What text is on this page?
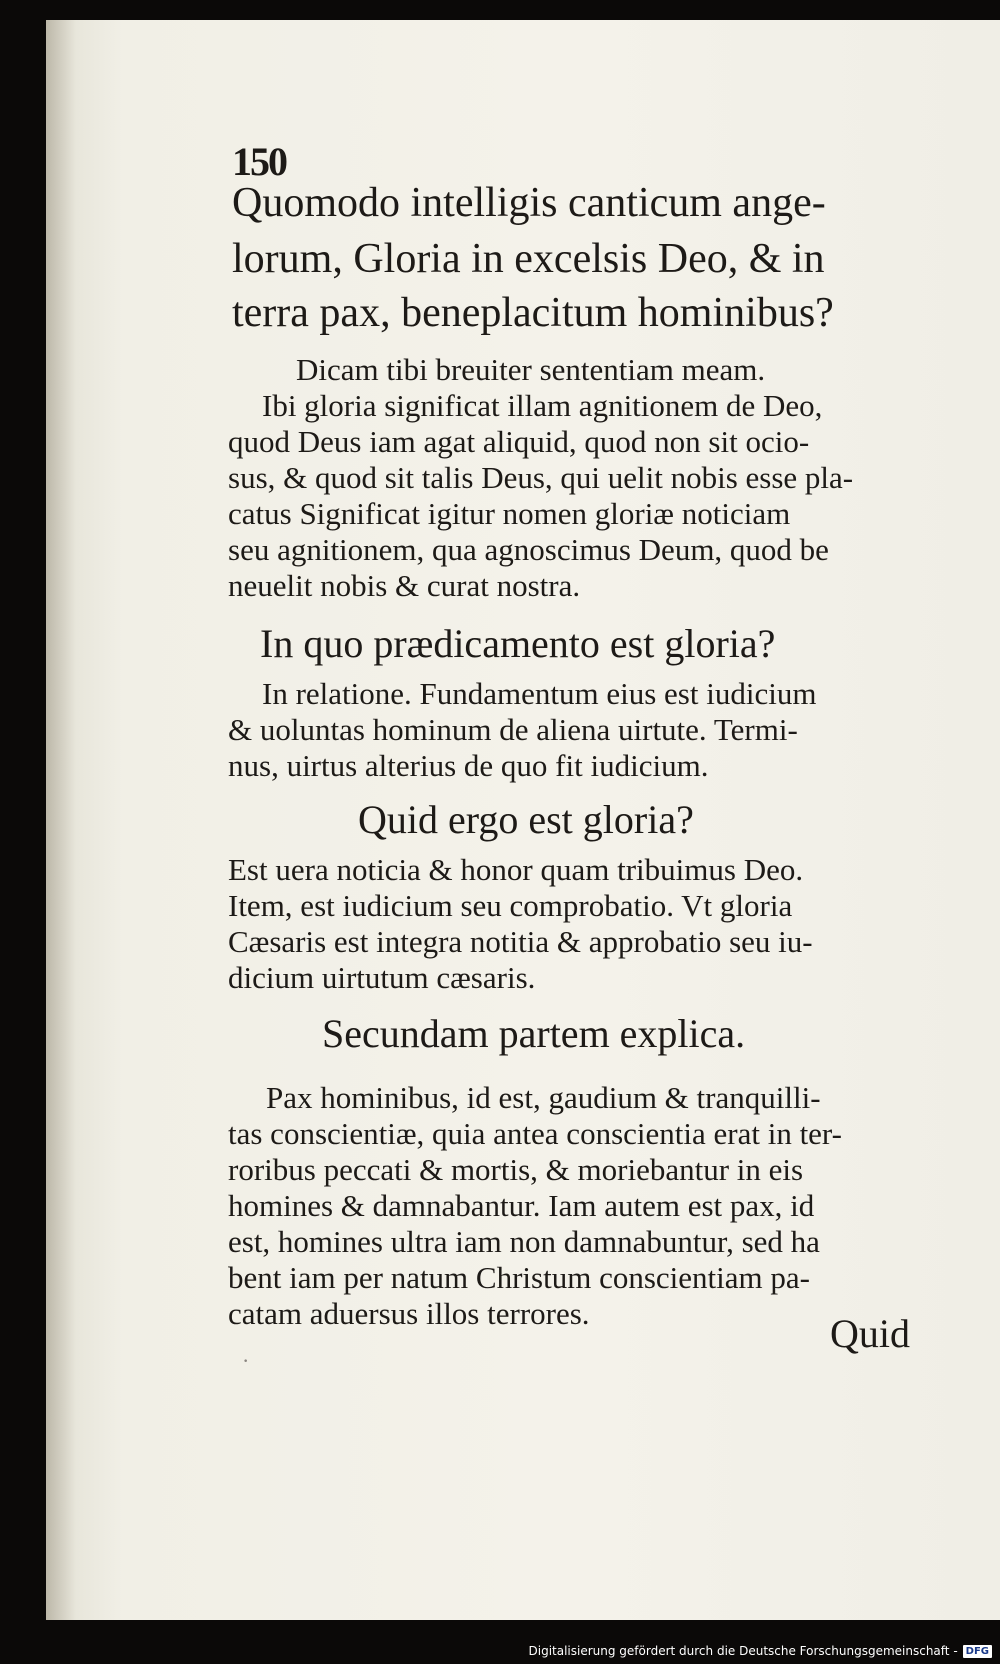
150
Quomodo intelligis canticum ange-
lorum, Gloria in excelsis Deo, & in
terra pax, beneplacitum hominibus?
Dicam tibi breuiter sententiam meam.
Ibi gloria significat illam agnitionem de Deo,
quod Deus iam agat aliquid, quod non sit ocio-
sus, & quod sit talis Deus, qui uelit nobis esse pla-
catus Significat igitur nomen gloriæ noticiam
seu agnitionem, qua agnoscimus Deum, quod be
neuelit nobis & curat nostra.
In quo prædicamento est gloria?
In relatione. Fundamentum eius est iudicium
& uoluntas hominum de aliena uirtute. Termi-
nus, uirtus alterius de quo fit iudicium.
Quid ergo est gloria?
Est uera noticia & honor quam tribuimus Deo.
Item, est iudicium seu comprobatio. Vt gloria
Cæsaris est integra notitia & approbatio seu iu-
dicium uirtutum cæsaris.
Secundam partem explica.
Pax hominibus, id est, gaudium & tranquilli-
tas conscientiæ, quia antea conscientia erat in ter-
roribus peccati & mortis, & moriebantur in eis
homines & damnabantur. Iam autem est pax, id
est, homines ultra iam non damnabuntur, sed ha
bent iam per natum Christum conscientiam pa-
catam aduersus illos terrores.	Quid
·
Digitalisierung gefördert durch die Deutsche Forschungsgemeinschaft - DFG
